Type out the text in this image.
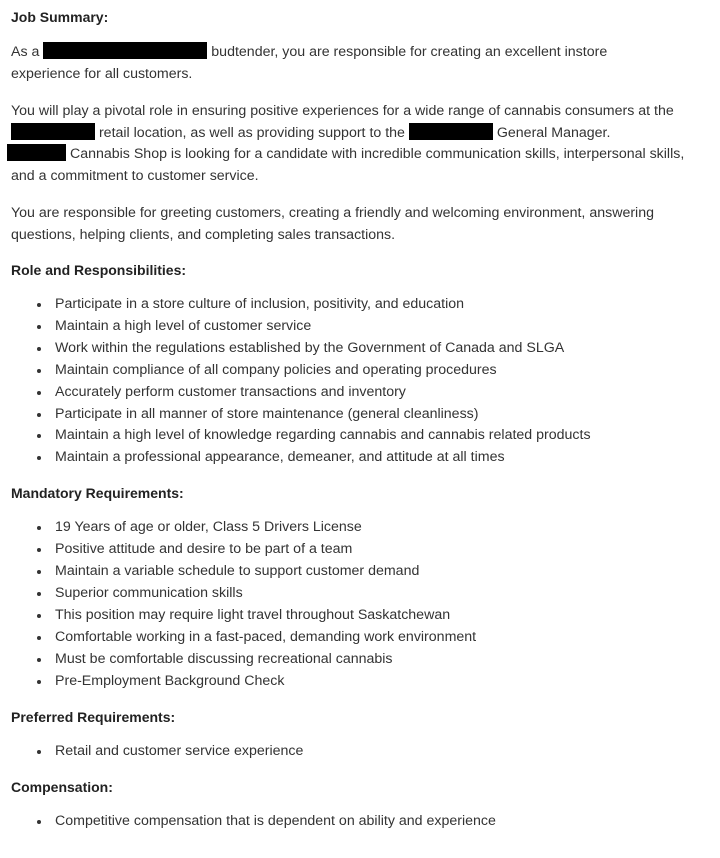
Job Summary:

As a	budtender, you are responsible for creating an excellent instore experience for all customers.

You will play a pivotal role in ensuring positive experiences for a wide range of cannabis consumers at the  retail location, as well as providing support to the	General Manager.
Cannabis Shop is looking for a candidate with incredible communication skills, interpersonal skills, and a commitment to customer service.

You are responsible for greeting customers, creating a friendly and welcoming environment, answering questions, helping clients, and completing sales transactions.

Role and Responsibilities:
Participate in a store culture of inclusion, positivity, and education
Maintain a high level of customer service
Work within the regulations established by the Government of Canada and SLGA
Maintain compliance of all company policies and operating procedures
Accurately perform customer transactions and inventory
Participate in all manner of store maintenance (general cleanliness)
Maintain a high level of knowledge regarding cannabis and cannabis related products
Maintain a professional appearance, demeaner, and attitude at all times
Mandatory Requirements:
19 Years of age or older, Class 5 Drivers License
Positive attitude and desire to be part of a team
Maintain a variable schedule to support customer demand
Superior communication skills
This position may require light travel throughout Saskatchewan
Comfortable working in a fast-paced, demanding work environment
Must be comfortable discussing recreational cannabis
Pre-Employment Background Check
Preferred Requirements:
Retail and customer service experience
Compensation:
Competitive compensation that is dependent on ability and experience
